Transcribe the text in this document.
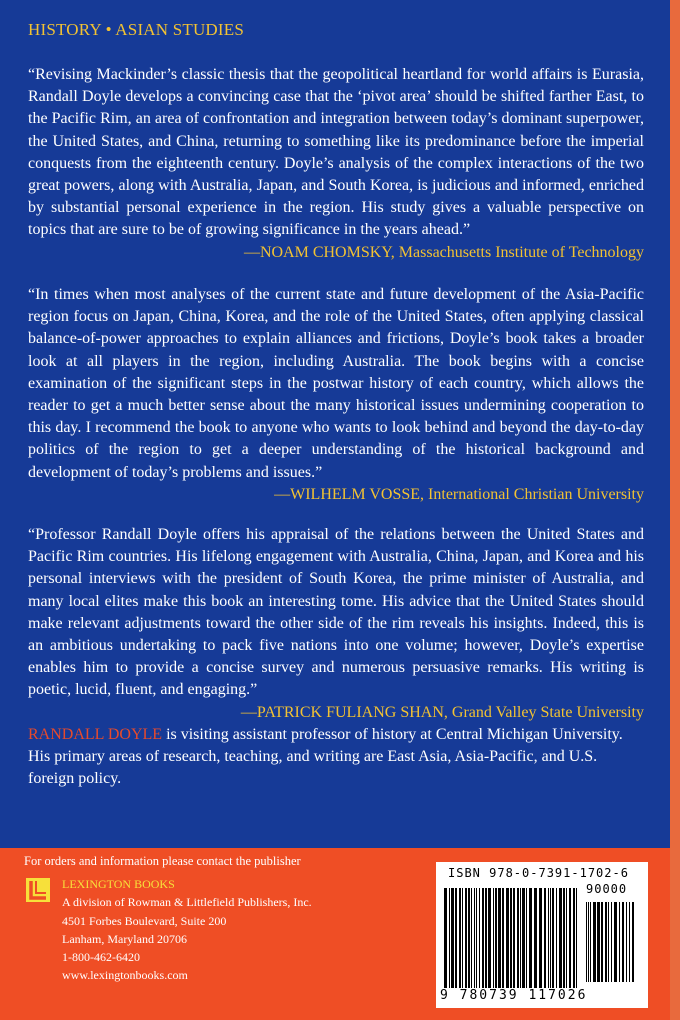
HISTORY • ASIAN STUDIES

“Revising Mackinder’s classic thesis that the geopolitical heartland for world affairs is Eurasia, Randall Doyle develops a convincing case that the ‘pivot area’ should be shifted farther East, to the Pacific Rim, an area of confrontation and integration between today’s dominant superpower, the United States, and China, returning to something like its predominance before the imperial conquests from the eighteenth century. Doyle’s analysis of the complex interactions of the two great powers, along with Australia, Japan, and South Korea, is judicious and informed, enriched by substantial personal experience in the region. His study gives a valuable perspective on topics that are sure to be of growing significance in the years ahead.”

—NOAM CHOMSKY, Massachusetts Institute of Technology

“In times when most analyses of the current state and future development of the Asia-Pacific region focus on Japan, China, Korea, and the role of the United States, often applying classical balance-of-power approaches to explain alliances and frictions, Doyle’s book takes a broader look at all players in the region, including Australia. The book begins with a concise examination of the significant steps in the postwar history of each country, which allows the reader to get a much better sense about the many historical issues undermining cooperation to this day. I recommend the book to anyone who wants to look behind and beyond the day-to-day politics of the region to get a deeper understanding of the historical background and development of today’s problems and issues.”

—WILHELM VOSSE, International Christian University

“Professor Randall Doyle offers his appraisal of the relations between the United States and Pacific Rim countries. His lifelong engagement with Australia, China, Japan, and Korea and his personal interviews with the president of South Korea, the prime minister of Australia, and many local elites make this book an interesting tome. His advice that the United States should make relevant adjustments toward the other side of the rim reveals his insights. Indeed, this is an ambitious undertaking to pack five nations into one volume; however, Doyle’s expertise enables him to provide a concise survey and numerous persuasive remarks. His writing is poetic, lucid, fluent, and engaging.”

—PATRICK FULIANG SHAN, Grand Valley State University

RANDALL DOYLE is visiting assistant professor of history at Central Michigan University. His primary areas of research, teaching, and writing are East Asia, Asia-Pacific, and U.S. foreign policy.
For orders and information please contact the publisher
LEXINGTON BOOKS
A division of Rowman & Littlefield Publishers, Inc.
4501 Forbes Boulevard, Suite 200
Lanham, Maryland 20706
1-800-462-6420
www.lexingtonbooks.com
ISBN 978-0-7391-1702-6
90000
9 780739 117026
